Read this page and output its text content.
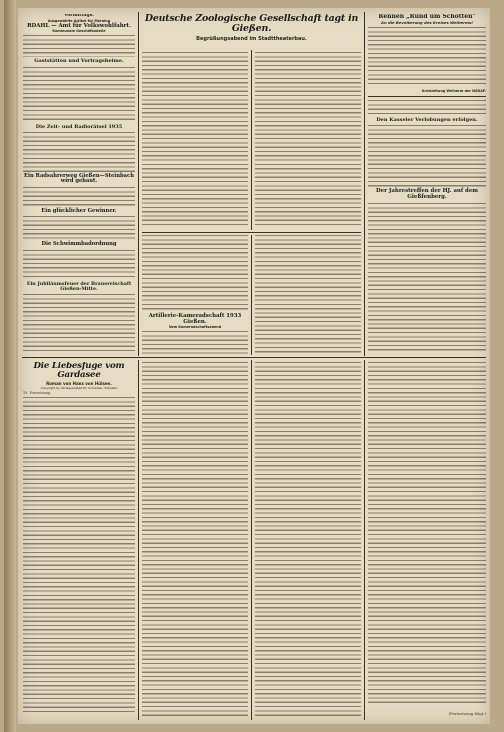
Vormittags.
Ausgewählte Artikel für Morning
RDAHL — Amt für Volkswohlfahrt.
Kommunale Geschäftsstelle
Gaststätten und Vortragsheime.
Die Zeit- und Radiorätsel 1935
Ein Radsahrerweg Gießen—Steinbach wird gebaut.
Ein glücklicher Gewinner.
Die Schwimmbadordnung
Ein Jubiläumsfeuer der Brauereischaft Gießen-Mitte.
Deutsche Zoologische Gesellschaft tagt in Gießen.
Begrüßungsabend im Stadttheaterbau.
Artillerie-Kameradschaft 1933 Gießen.
Vom Kameradschaftsabend
Rennen „Rund um Schotten"
An die Bevölkerung des Kreises Weiherms!
Kreisleitung Weiherm der NSDAP.
Den Kasseler Verlobungen erfolgen.
Der Jahrestreffen der HJ. auf dem Gießfenberg.
Die Liebesfuge vom Gardasee
Roman von Hans von Hülsen.
Copyright by Verlagsanstalt Dr. Schreiber, Potsdam
19. Fortsetzung.
(Fortsetzung folgt.)
